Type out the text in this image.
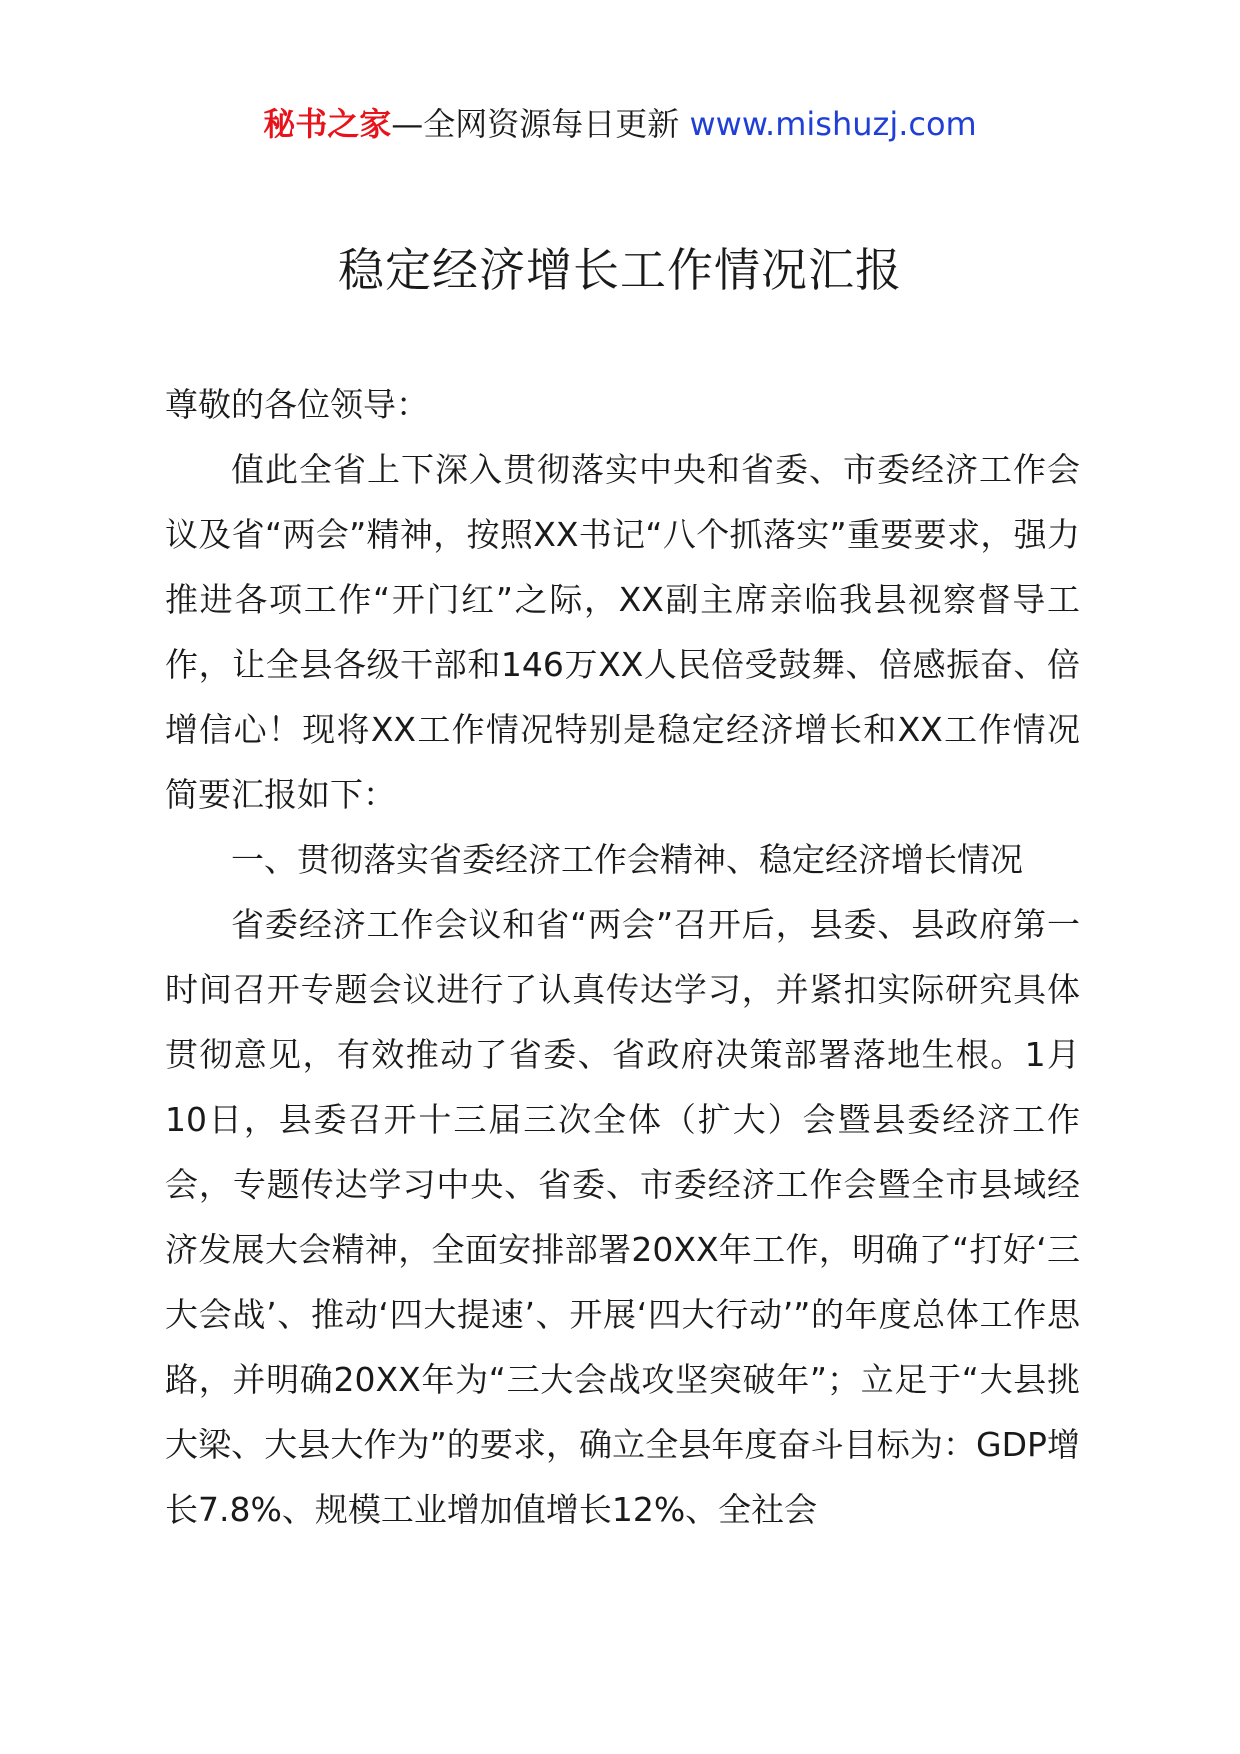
秘书之家—全网资源每日更新 www.mishuzj.com
稳定经济增长工作情况汇报

尊敬的各位领导：

值此全省上下深入贯彻落实中央和省委、市委经济工作会议及省“两会”精神，按照XX书记“八个抓落实”重要要求，强力推进各项工作“开门红”之际，XX副主席亲临我县视察督导工作，让全县各级干部和146万XX人民倍受鼓舞、倍感振奋、倍增信心！现将XX工作情况特别是稳定经济增长和XX工作情况简要汇报如下：

一、贯彻落实省委经济工作会精神、稳定经济增长情况

省委经济工作会议和省“两会”召开后，县委、县政府第一时间召开专题会议进行了认真传达学习，并紧扣实际研究具体贯彻意见，有效推动了省委、省政府决策部署落地生根。1月10日，县委召开十三届三次全体（扩大）会暨县委经济工作会，专题传达学习中央、省委、市委经济工作会暨全市县域经济发展大会精神，全面安排部署20XX年工作，明确了“打好‘三大会战’、推动‘四大提速’、开展‘四大行动’”的年度总体工作思路，并明确20XX年为“三大会战攻坚突破年”；立足于“大县挑大梁、大县大作为”的要求，确立全县年度奋斗目标为：GDP增长7.8%、规模工业增加值增长12%、全社会
